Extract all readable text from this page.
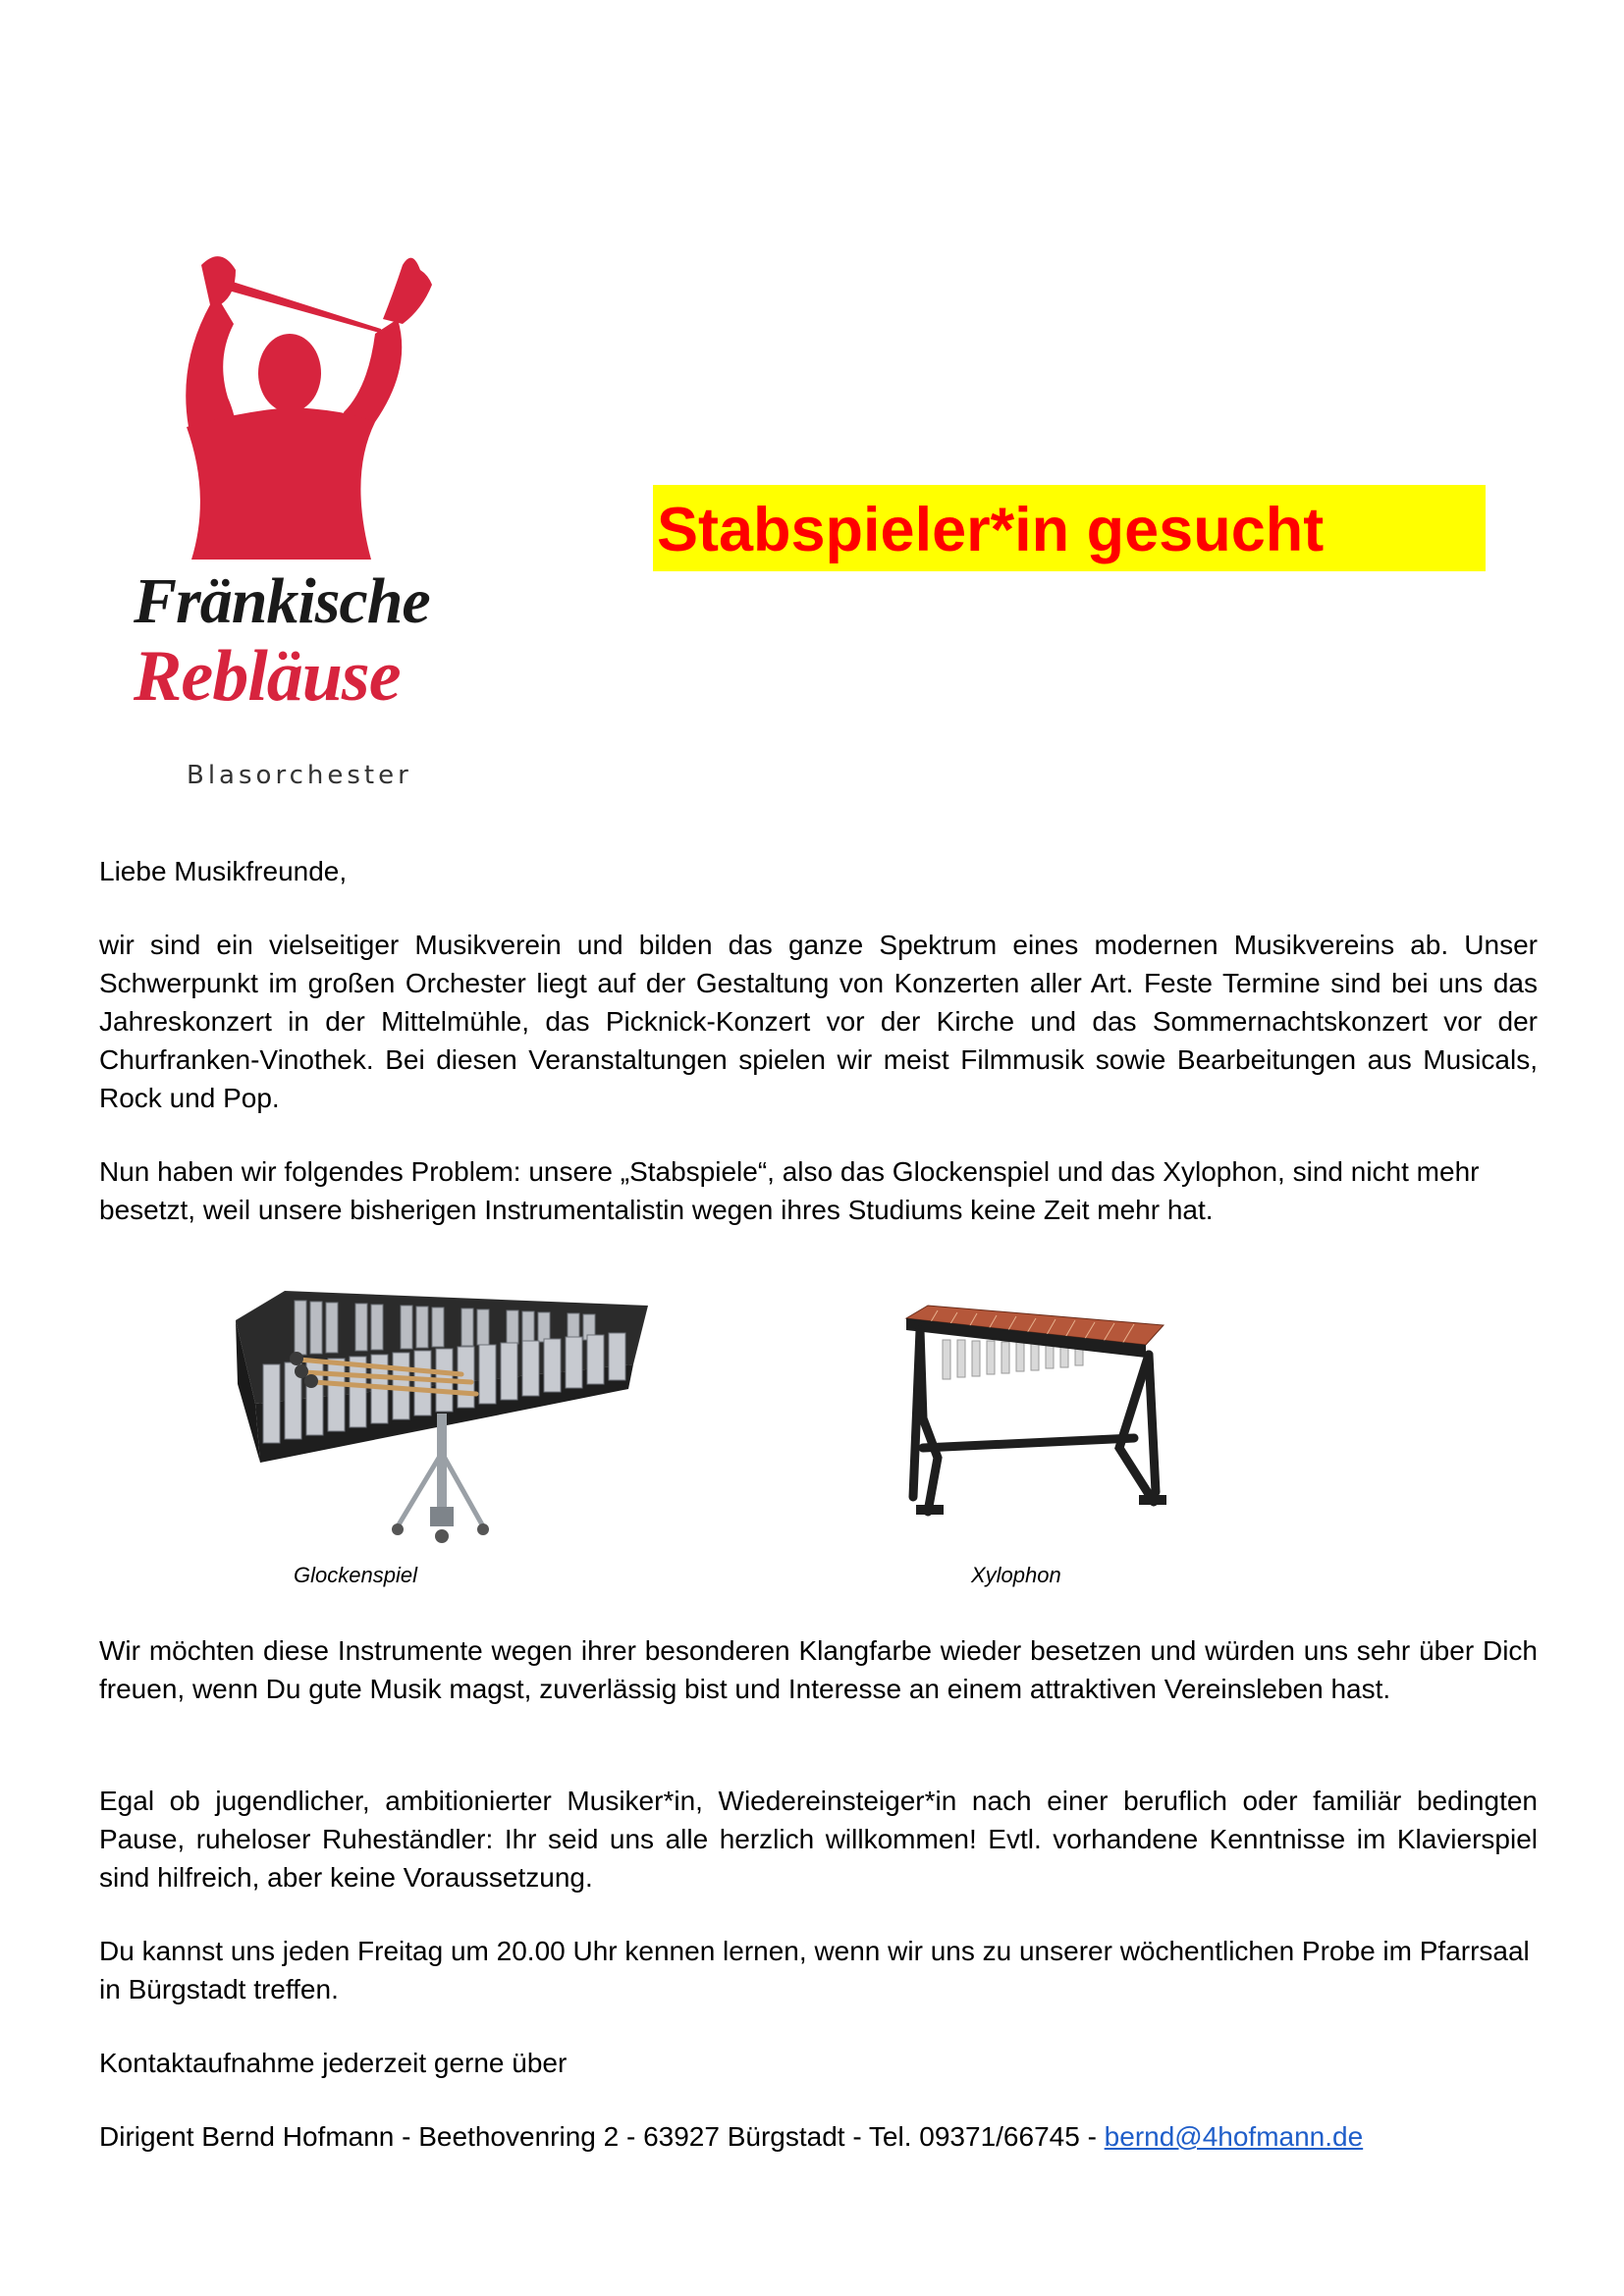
Fränkische
Rebläuse
Blasorchester
Stabspieler*in gesucht
Liebe Musikfreunde,
wir sind ein vielseitiger Musikverein und bilden das ganze Spektrum eines modernen Musikvereins ab. Unser Schwerpunkt im großen Orchester liegt auf der Gestaltung von Konzerten aller Art. Feste Termine sind bei uns das Jahreskonzert in der Mittelmühle, das Picknick-Konzert vor der Kirche und das Sommernachtskonzert vor der Churfranken-Vinothek. Bei diesen Veranstaltungen spielen wir meist Filmmusik sowie Bearbeitungen aus Musicals, Rock und Pop.
Nun haben wir folgendes Problem: unsere „Stabspiele“, also das Glockenspiel und das Xylophon, sind nicht mehr besetzt, weil unsere bisherigen Instrumentalistin wegen ihres Studiums keine Zeit mehr hat.
Glockenspiel	Xylophon
Wir möchten diese Instrumente wegen ihrer besonderen Klangfarbe wieder besetzen und würden uns sehr über Dich freuen, wenn Du gute Musik magst, zuverlässig bist und Interesse an einem attraktiven Vereinsleben hast.
Egal ob jugendlicher, ambitionierter Musiker*in, Wiedereinsteiger*in nach einer beruflich oder familiär bedingten Pause, ruheloser Ruheständler: Ihr seid uns alle herzlich willkommen! Evtl. vorhandene Kenntnisse im Klavierspiel sind hilfreich, aber keine Voraussetzung.
Du kannst uns jeden Freitag um 20.00 Uhr kennen lernen, wenn wir uns zu unserer wöchentlichen Probe im Pfarrsaal in Bürgstadt treffen.
Kontaktaufnahme jederzeit gerne über
Dirigent Bernd Hofmann - Beethovenring 2 - 63927 Bürgstadt - Tel. 09371/66745 - bernd@4hofmann.de
